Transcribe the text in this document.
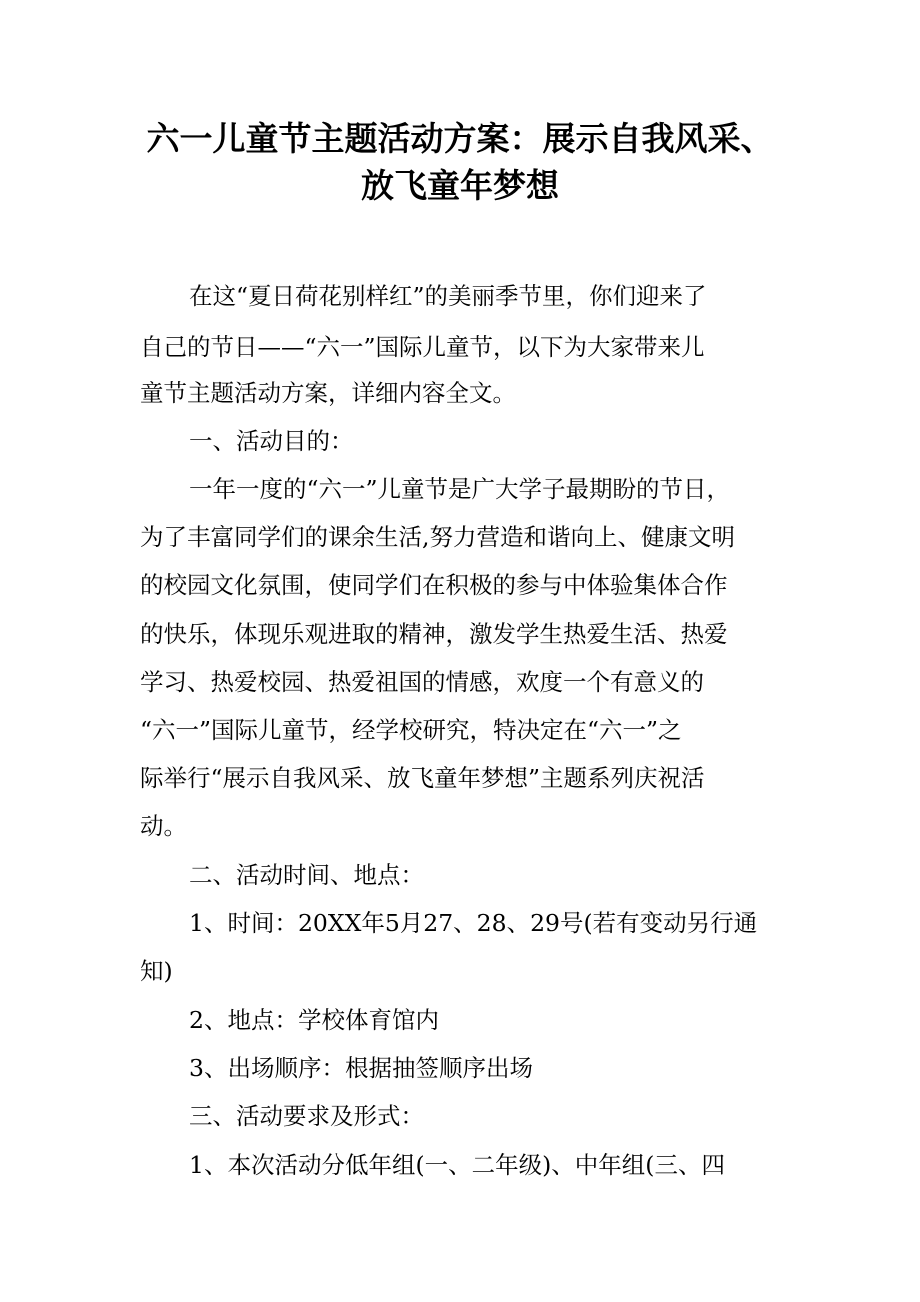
六一儿童节主题活动方案：展示自我风采、
放飞童年梦想
在这“夏日荷花别样红”的美丽季节里，你们迎来了
自己的节日——“六一”国际儿童节，以下为大家带来儿
童节主题活动方案，详细内容全文。
一、活动目的：
一年一度的“六一”儿童节是广大学子最期盼的节日，
为了丰富同学们的课余生活,努力营造和谐向上、健康文明
的校园文化氛围，使同学们在积极的参与中体验集体合作
的快乐，体现乐观进取的精神，激发学生热爱生活、热爱
学习、热爱校园、热爱祖国的情感，欢度一个有意义的
“六一”国际儿童节，经学校研究，特决定在“六一”之
际举行“展示自我风采、放飞童年梦想”主题系列庆祝活
动。
二、活动时间、地点：
1、时间：20XX年5月27、28、29号(若有变动另行通
知)
2、地点：学校体育馆内
3、出场顺序：根据抽签顺序出场
三、活动要求及形式：
1、本次活动分低年组(一、二年级)、中年组(三、四
